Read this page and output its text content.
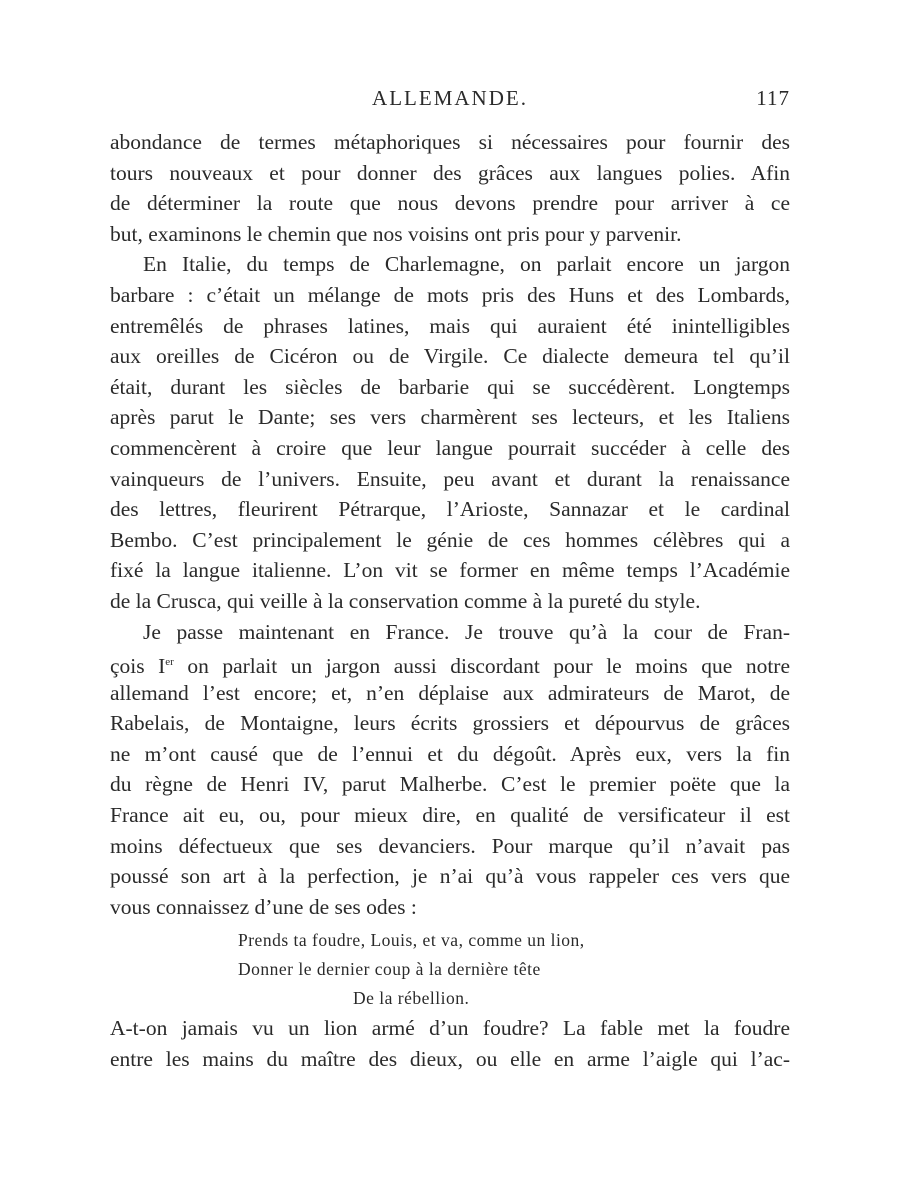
ALLEMANDE.	117
abondance de termes métaphoriques si nécessaires pour fournir des
tours nouveaux et pour donner des grâces aux langues polies. Afin
de déterminer la route que nous devons prendre pour arriver à ce
but, examinons le chemin que nos voisins ont pris pour y parvenir.
En Italie, du temps de Charlemagne, on parlait encore un jargon
barbare : c’était un mélange de mots pris des Huns et des Lombards,
entremêlés de phrases latines, mais qui auraient été inintelligibles
aux oreilles de Cicéron ou de Virgile. Ce dialecte demeura tel qu’il
était, durant les siècles de barbarie qui se succédèrent. Longtemps
après parut le Dante; ses vers charmèrent ses lecteurs, et les Italiens
commencèrent à croire que leur langue pourrait succéder à celle des
vainqueurs de l’univers. Ensuite, peu avant et durant la renaissance
des lettres, fleurirent Pétrarque, l’Arioste, Sannazar et le cardinal
Bembo. C’est principalement le génie de ces hommes célèbres qui a
fixé la langue italienne. L’on vit se former en même temps l’Académie
de la Crusca, qui veille à la conservation comme à la pureté du style.
Je passe maintenant en France. Je trouve qu’à la cour de Fran-
çois Ier on parlait un jargon aussi discordant pour le moins que notre
allemand l’est encore; et, n’en déplaise aux admirateurs de Marot, de
Rabelais, de Montaigne, leurs écrits grossiers et dépourvus de grâces
ne m’ont causé que de l’ennui et du dégoût. Après eux, vers la fin
du règne de Henri IV, parut Malherbe. C’est le premier poëte que la
France ait eu, ou, pour mieux dire, en qualité de versificateur il est
moins défectueux que ses devanciers. Pour marque qu’il n’avait pas
poussé son art à la perfection, je n’ai qu’à vous rappeler ces vers que
vous connaissez d’une de ses odes :
Prends ta foudre, Louis, et va, comme un lion,
Donner le dernier coup à la dernière tête
De la rébellion.
A-t-on jamais vu un lion armé d’un foudre? La fable met la foudre
entre les mains du maître des dieux, ou elle en arme l’aigle qui l’ac-
